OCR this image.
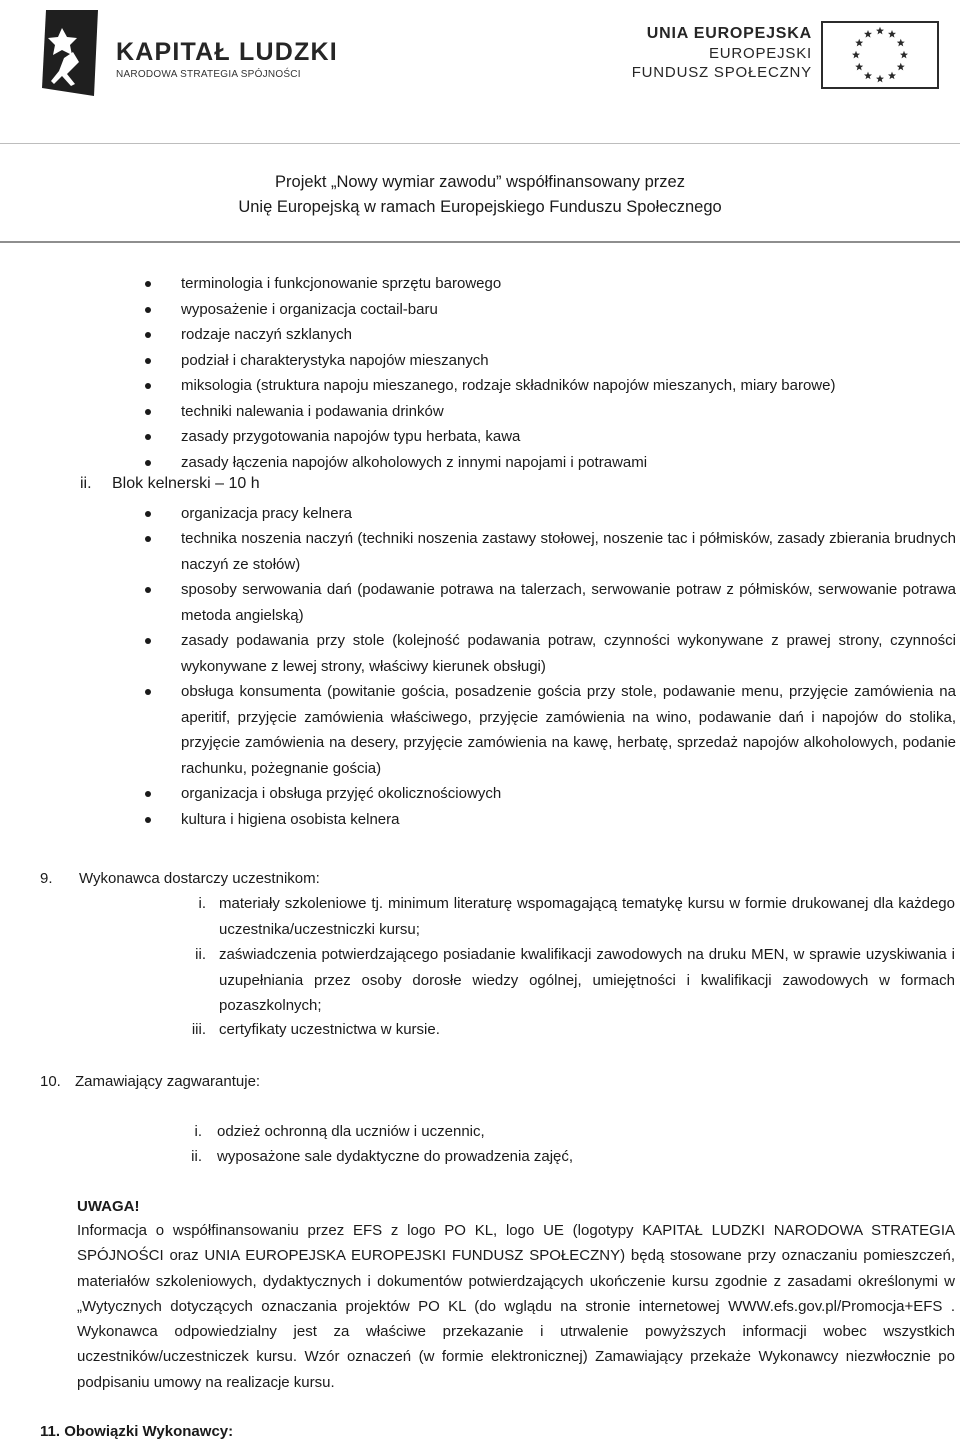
KAPITAŁ LUDZKI
NARODOWA STRATEGIA SPÓJNOŚCI
UNIA EUROPEJSKA
EUROPEJSKI
FUNDUSZ SPOŁECZNY
Projekt „Nowy wymiar zawodu” współfinansowany przez
Unię Europejską w ramach Europejskiego Funduszu Społecznego
terminologia i funkcjonowanie sprzętu barowego
wyposażenie i organizacja coctail-baru
rodzaje naczyń szklanych
podział i charakterystyka napojów mieszanych
miksologia (struktura napoju mieszanego, rodzaje składników napojów mieszanych, miary barowe)
techniki nalewania i podawania drinków
zasady przygotowania napojów typu herbata, kawa
zasady łączenia napojów alkoholowych z innymi napojami i potrawami
ii. Blok kelnerski – 10 h
organizacja pracy kelnera
technika noszenia naczyń (techniki noszenia zastawy stołowej, noszenie tac i półmisków, zasady zbierania brudnych naczyń ze stołów)
sposoby serwowania dań (podawanie potrawa na talerzach, serwowanie potraw z półmisków, serwowanie potrawa metoda angielską)
zasady podawania przy stole (kolejność podawania potraw, czynności wykonywane z prawej strony, czynności wykonywane z lewej strony, właściwy kierunek obsługi)
obsługa konsumenta (powitanie gościa, posadzenie gościa przy stole, podawanie menu, przyjęcie zamówienia na aperitif, przyjęcie zamówienia właściwego, przyjęcie zamówienia na wino, podawanie dań i napojów do stolika, przyjęcie zamówienia na desery, przyjęcie zamówienia na kawę, herbatę, sprzedaż napojów alkoholowych, podanie rachunku, pożegnanie gościa)
organizacja i obsługa przyjęć okolicznościowych
kultura i higiena osobista kelnera
9. Wykonawca dostarczy uczestnikom:
i. materiały szkoleniowe tj. minimum literaturę wspomagającą tematykę kursu w formie drukowanej dla każdego uczestnika/uczestniczki kursu;
ii. zaświadczenia potwierdzającego posiadanie kwalifikacji zawodowych na druku MEN, w sprawie uzyskiwania i uzupełniania przez osoby dorosłe wiedzy ogólnej, umiejętności i kwalifikacji zawodowych w formach pozaszkolnych;
iii. certyfikaty uczestnictwa w kursie.
10. Zamawiający zagwarantuje:
i. odzież ochronną dla uczniów i uczennic,
ii. wyposażone sale dydaktyczne do prowadzenia zajęć,
UWAGA!
Informacja o współfinansowaniu przez EFS z logo PO KL, logo UE (logotypy KAPITAŁ LUDZKI NARODOWA STRATEGIA SPÓJNOŚCI oraz UNIA EUROPEJSKA EUROPEJSKI FUNDUSZ SPOŁECZNY) będą stosowane przy oznaczaniu pomieszczeń, materiałów szkoleniowych, dydaktycznych i dokumentów potwierdzających ukończenie kursu zgodnie z zasadami określonymi w „Wytycznych dotyczących oznaczania projektów PO KL (do wglądu na stronie internetowej WWW.efs.gov.pl/Promocja+EFS . Wykonawca odpowiedzialny jest za właściwe przekazanie i utrwalenie powyższych informacji wobec wszystkich uczestników/uczestniczek kursu. Wzór oznaczeń (w formie elektronicznej) Zamawiający przekaże Wykonawcy niezwłocznie po podpisaniu umowy na realizacje kursu.
11. Obowiązki Wykonawcy:
